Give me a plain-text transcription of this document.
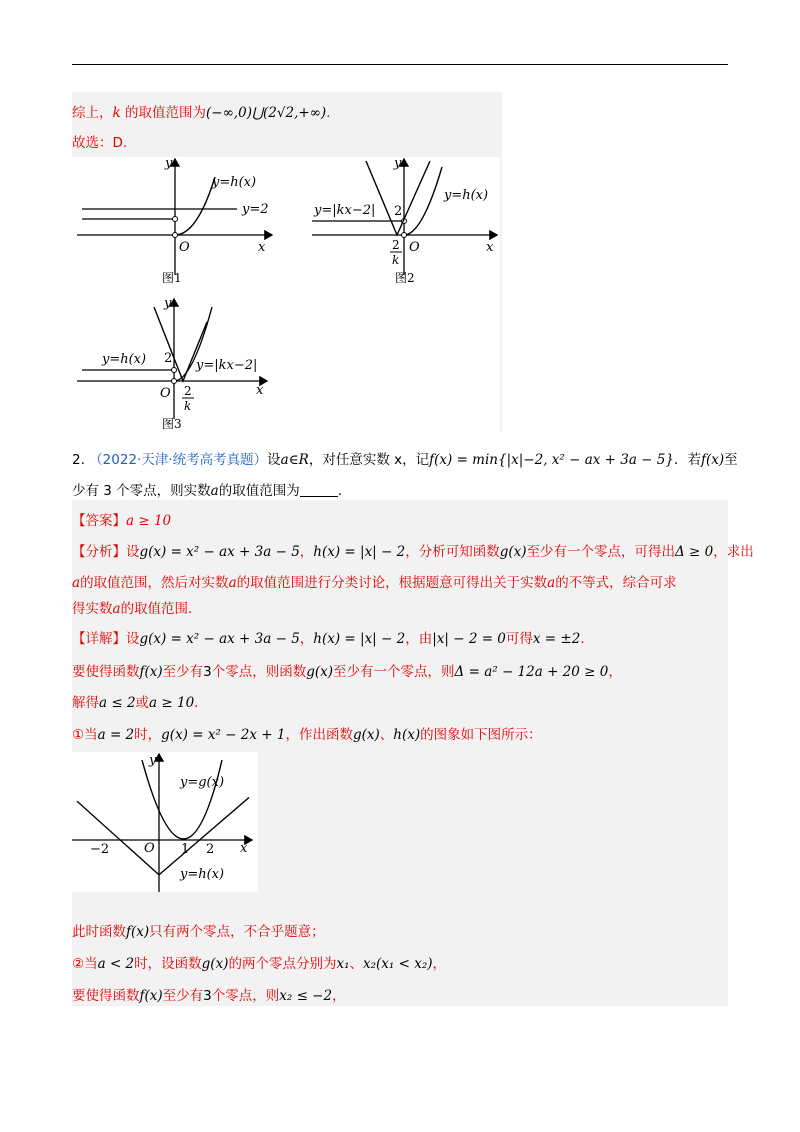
综上，k 的取值范围为(−∞,0)⋃(2√2,+∞).
故选：D.
y
x
O
y=h(x)
y=2
图1
y
x
O
y=h(x)
y=|kx−2| 2
2
k
图2
y
x
O
y=h(x)	y=|kx−2|
2
2
k
图3
2. （2022·天津·统考高考真题）设a∈R，对任意实数 x，记f(x) = min{|x|−2, x² − ax + 3a − 5}．若f(x)至
少有 3 个零点，则实数a的取值范围为	.
【答案】a ≥ 10
【分析】设g(x) = x² − ax + 3a − 5，h(x) = |x| − 2，分析可知函数g(x)至少有一个零点，可得出Δ ≥ 0，求出
a的取值范围，然后对实数a的取值范围进行分类讨论，根据题意可得出关于实数a的不等式，综合可求
得实数a的取值范围.
【详解】设g(x) = x² − ax + 3a − 5，h(x) = |x| − 2，由|x| − 2 = 0可得x = ±2.
要使得函数f(x)至少有3个零点，则函数g(x)至少有一个零点，则Δ = a² − 12a + 20 ≥ 0，
解得a ≤ 2或a ≥ 10.
①当a = 2时，g(x) = x² − 2x + 1，作出函数g(x)、h(x)的图象如下图所示：
y
x
O
y=g(x)
y=h(x)
−2	1 2
此时函数f(x)只有两个零点，不合乎题意；
②当a < 2时，设函数g(x)的两个零点分别为x₁、x₂(x₁ < x₂)，
要使得函数f(x)至少有3个零点，则x₂ ≤ −2，
